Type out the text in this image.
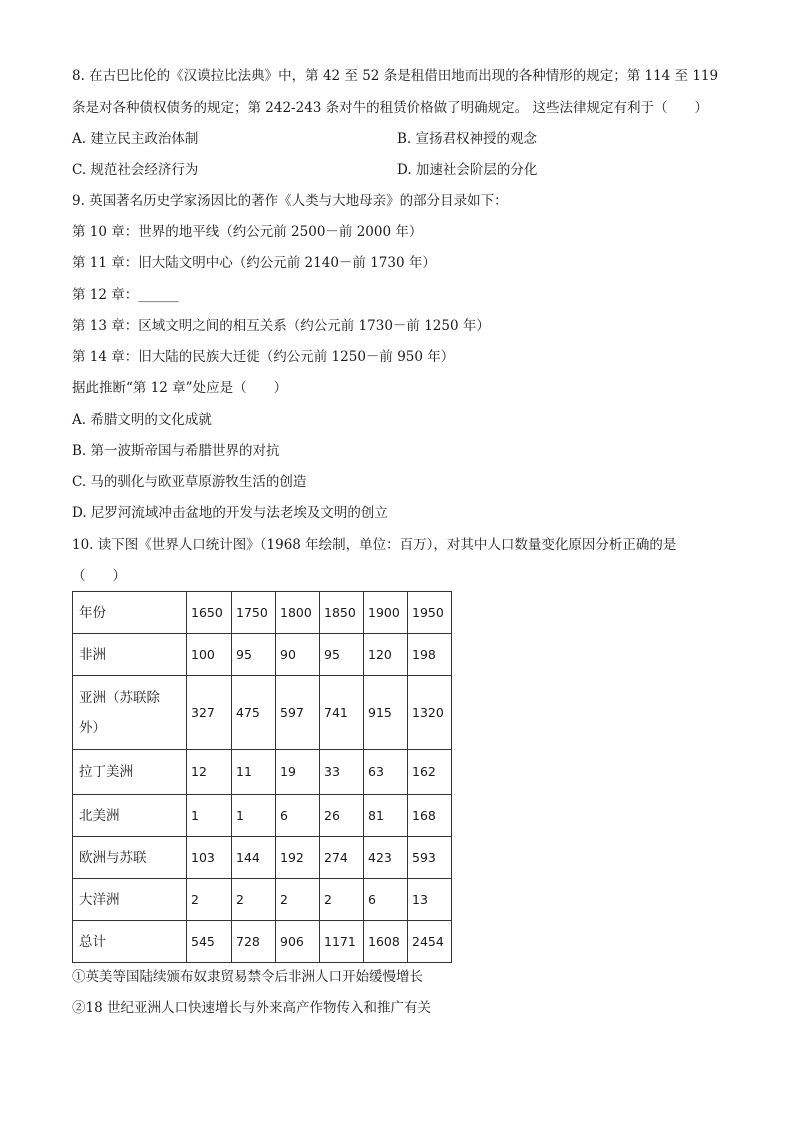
8. 在古巴比伦的《汉谟拉比法典》中，第 42 至 52 条是租借田地而出现的各种情形的规定；第 114 至 119
条是对各种债权债务的规定；第 242-243 条对牛的租赁价格做了明确规定。 这些法律规定有利于（　　）
A. 建立民主政治体制	B. 宣扬君权神授的观念
C. 规范社会经济行为	D. 加速社会阶层的分化
9. 英国著名历史学家汤因比的著作《人类与大地母亲》的部分目录如下：
第 10 章：世界的地平线（约公元前 2500－前 2000 年）
第 11 章：旧大陆文明中心（约公元前 2140－前 1730 年）
第 12 章：______
第 13 章：区域文明之间的相互关系（约公元前 1730－前 1250 年）
第 14 章：旧大陆的民族大迁徙（约公元前 1250－前 950 年）
据此推断“第 12 章”处应是（　　）
A. 希腊文明的文化成就
B. 第一波斯帝国与希腊世界的对抗
C. 马的驯化与欧亚草原游牧生活的创造
D. 尼罗河流域冲击盆地的开发与法老埃及文明的创立
10. 读下图《世界人口统计图》（1968 年绘制，单位：百万），对其中人口数量变化原因分析正确的是
（　　）
年份	1650	1750	1800	1850	1900	1950
非洲	100	95	90	95	120	198
亚洲（苏联除外）	327	475	597	741	915	1320
拉丁美洲	12	11	19	33	63	162
北美洲	1	1	6	26	81	168
欧洲与苏联	103	144	192	274	423	593
大洋洲	2	2	2	2	6	13
总计	545	728	906	1171	1608	2454
①英美等国陆续颁布奴隶贸易禁令后非洲人口开始缓慢增长
②18 世纪亚洲人口快速增长与外来高产作物传入和推广有关
